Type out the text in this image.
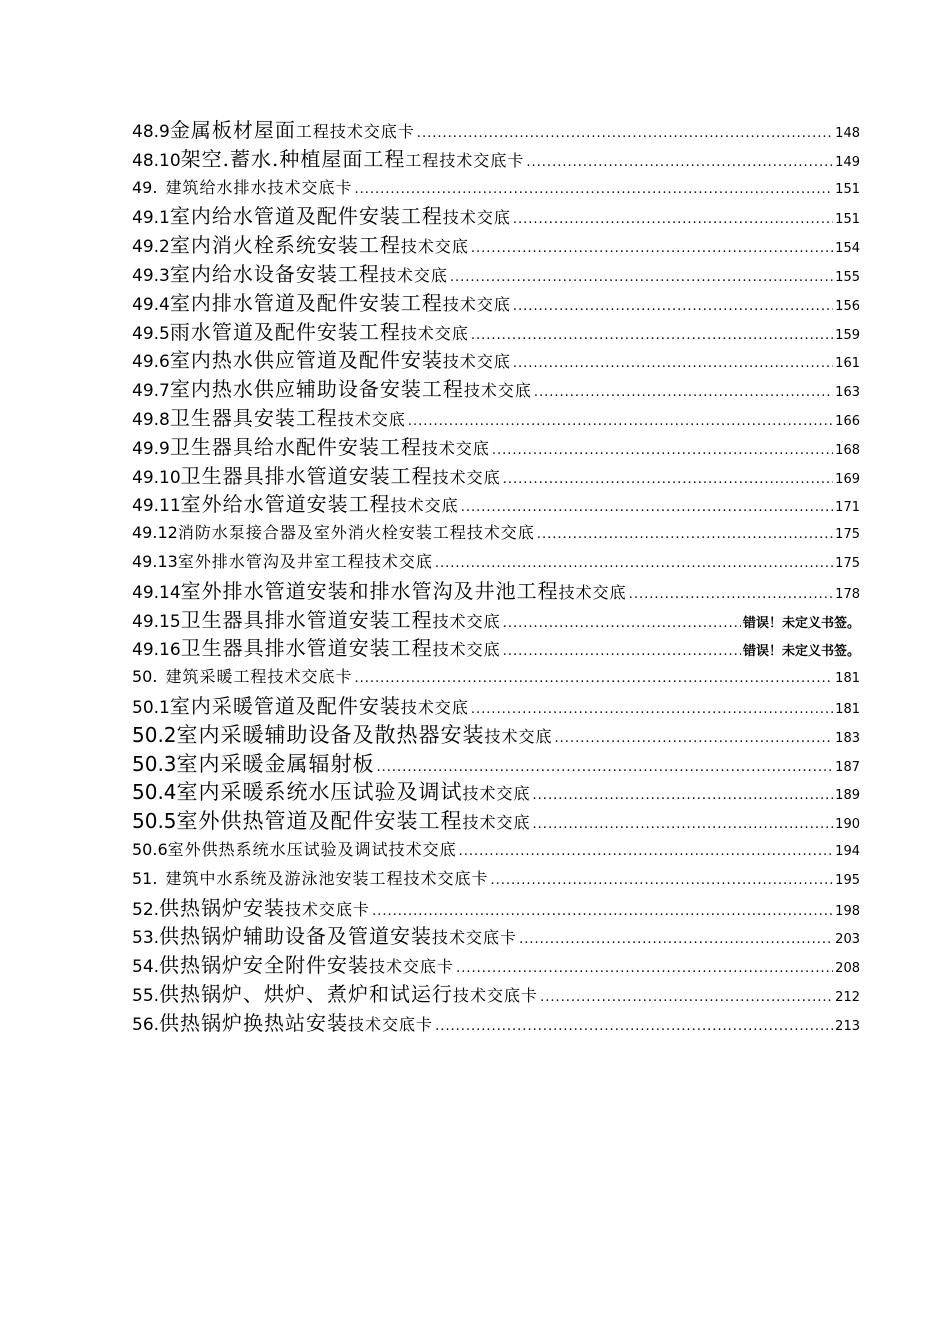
48.9 金属板材屋面 工程技术交底卡 .....	148
48.10 架空.蓄水.种植屋面工程 工程技术交底卡 .....	149
49. 建筑给水排水技术交底卡 .....	151
49.1 室内给水管道及配件安装工程 技术交底 .....	151
49.2 室内消火栓系统安装工程 技术交底 .....	154
49.3 室内给水设备安装工程 技术交底 .....	155
49.4 室内排水管道及配件安装工程 技术交底 .....	156
49.5 雨水管道及配件安装工程 技术交底 .....	159
49.6 室内热水供应管道及配件安装 技术交底 .....	161
49.7 室内热水供应辅助设备安装工程 技术交底 .....	163
49.8 卫生器具安装工程 技术交底 .....	166
49.9 卫生器具给水配件安装工程 技术交底 .....	168
49.10 卫生器具排水管道安装工程 技术交底 .....	169
49.11 室外给水管道安装工程 技术交底 .....	171
49.12 消防水泵接合器及室外消火栓安装工程 技术交底 .....	175
49.13 室外排水管沟及井室工程 技术交底 .....	175
49.14 室外排水管道安装和排水管沟及井池工程 技术交底 .....	178
49.15 卫生器具排水管道安装工程 技术交底 .....	错误！未定义书签。
49.16 卫生器具排水管道安装工程 技术交底 .....	错误！未定义书签。
50. 建筑采暖工程技术交底卡 .....	181
50.1 室内采暖管道及配件安装 技术交底 .....	181
50.2 室内采暖辅助设备及散热器安装 技术交底 .....	183
50.3 室内采暖金属辐射板 .....	187
50.4 室内采暖系统水压试验及调试 技术交底 .....	189
50.5 室外供热管道及配件安装工程 技术交底 .....	190
50.6 室外供热系统水压试验及调试技术交底 .....	194
51. 建筑中水系统及游泳池安装工程技术交底卡 .....	195
52. 供热锅炉安装 技术交底卡 .....	198
53. 供热锅炉辅助设备及管道安装 技术交底卡 .....	203
54. 供热锅炉安全附件安装 技术交底卡 .....	208
55. 供热锅炉、烘炉、煮炉和试运行 技术交底卡 .....	212
56. 供热锅炉换热站安装 技术交底卡 .....	213
